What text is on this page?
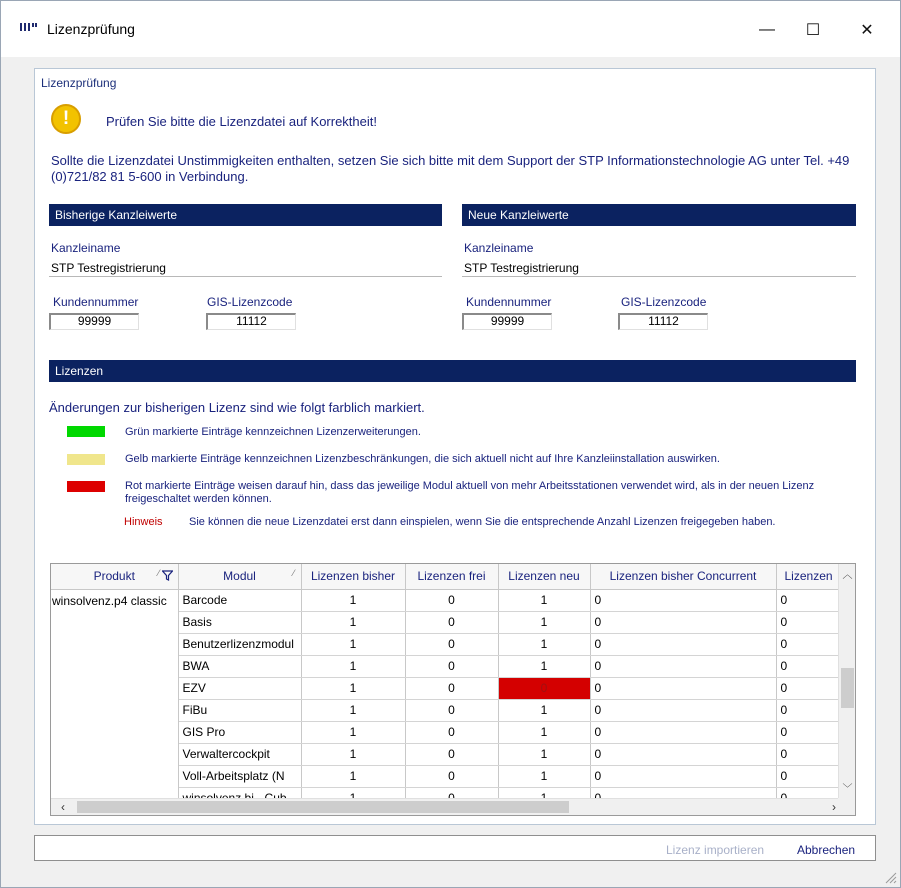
Lizenzprüfung	—	☐	✕
Lizenzprüfung
!	Prüfen Sie bitte die Lizenzdatei auf Korrektheit!
Sollte die Lizenzdatei Unstimmigkeiten enthalten, setzen Sie sich bitte mit dem Support der STP Informationstechnologie AG unter Tel. +49 (0)721/82 81 5-600 in Verbindung.
Bisherige Kanzleiwerte
Kanzleiname
STP Testregistrierung
Kundennummer
99999
GIS-Lizenzcode
11112
Neue Kanzleiwerte
Kanzleiname
STP Testregistrierung
Kundennummer
99999
GIS-Lizenzcode
11112
Lizenzen
Änderungen zur bisherigen Lizenz sind wie folgt farblich markiert.
Grün markierte Einträge kennzeichnen Lizenzerweiterungen.
Gelb markierte Einträge kennzeichnen Lizenzbeschränkungen, die sich aktuell nicht auf Ihre Kanzleiinstallation auswirken.
Rot markierte Einträge weisen darauf hin, dass das jeweilige Modul aktuell von mehr Arbeitsstationen verwendet wird, als in der neuen Lizenz freigeschaltet werden können.
Hinweis Sie können die neue Lizenzdatei erst dann einspielen, wenn Sie die entsprechende Anzahl Lizenzen freigegeben haben.
Produkt ⁄	Modul ⁄	Lizenzen bisher	Lizenzen frei	Lizenzen neu	Lizenzen bisher Concurrent	Lizenzen
winsolvenz.p4 classic	Barcode	1	0	1	0	0
	Basis	1	0	1	0	0
	Benutzerlizenzmodul	1	0	1	0	0
	BWA	1	0	1	0	0
	EZV	1	0	0	0	0
	FiBu	1	0	1	0	0
	GIS Pro	1	0	1	0	0
	Verwaltercockpit	1	0	1	0	0
	Voll-Arbeitsplatz (N	1	0	1	0	0

︿
﹀
‹	›
Lizenz importieren	Abbrechen
